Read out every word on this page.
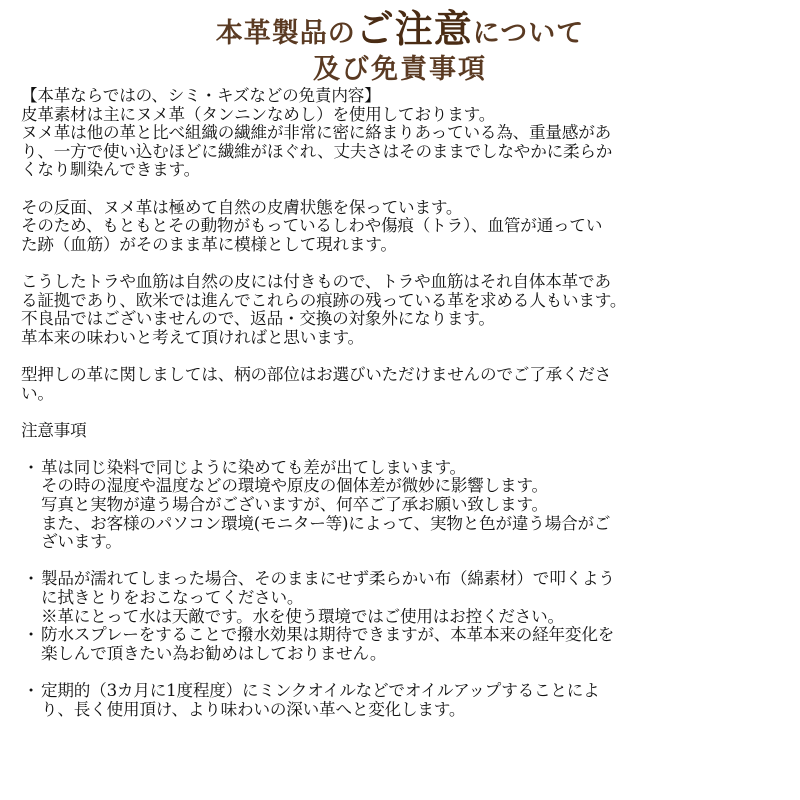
本革製品のご注意について
及び免責事項
【本革ならではの、シミ・キズなどの免責内容】
皮革素材は主にヌメ革（タンニンなめし）を使用しております。
ヌメ革は他の革と比べ組織の繊維が非常に密に絡まりあっている為、重量感があ
り、一方で使い込むほどに繊維がほぐれ、丈夫さはそのままでしなやかに柔らか
くなり馴染んできます。
その反面、ヌメ革は極めて自然の皮膚状態を保っています。
そのため、もともとその動物がもっているしわや傷痕（トラ）、血管が通ってい
た跡（血筋）がそのまま革に模様として現れます。
こうしたトラや血筋は自然の皮には付きもので、トラや血筋はそれ自体本革であ
る証拠であり、欧米では進んでこれらの痕跡の残っている革を求める人もいます。
不良品ではございませんので、返品・交換の対象外になります。
革本来の味わいと考えて頂ければと思います。
型押しの革に関しましては、柄の部位はお選びいただけませんのでご了承くださ
い。
注意事項
・ 革は同じ染料で同じように染めても差が出てしまいます。
その時の湿度や温度などの環境や原皮の個体差が微妙に影響します。
写真と実物が違う場合がございますが、何卒ご了承お願い致します。
また、お客様のパソコン環境(モニター等)によって、実物と色が違う場合がご
ざいます。
・ 製品が濡れてしまった場合、そのままにせず柔らかい布（綿素材）で叩くよう
に拭きとりをおこなってください。
※革にとって水は天敵です。水を使う環境ではご使用はお控ください。
・ 防水スプレーをすることで撥水効果は期待できますが、本革本来の経年変化を
楽しんで頂きたい為お勧めはしておりません。
・ 定期的（3カ月に1度程度）にミンクオイルなどでオイルアップすることによ
り、長く使用頂け、より味わいの深い革へと変化します。
